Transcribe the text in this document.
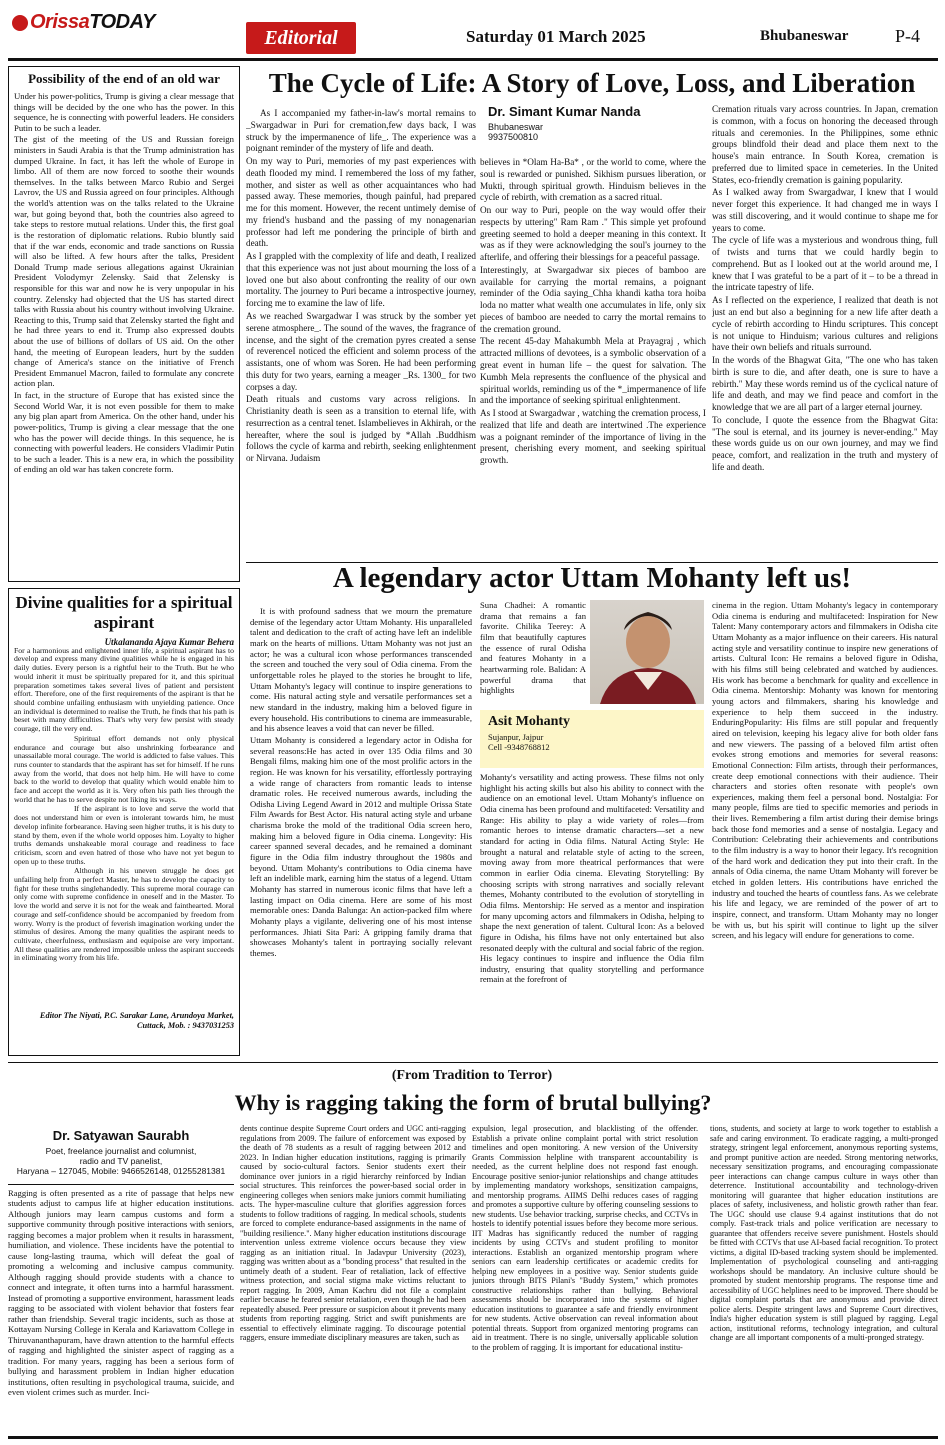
OrissaTODAY
Editorial	Saturday 01 March 2025	Bhubaneswar	P-4
Possibility of the end of an old war

Under his power-politics, Trump is giving a clear message that things will be decided by the one who has the power. In this sequence, he is connecting with powerful leaders. He considers Putin to be such a leader.

The gist of the meeting of the US and Russian foreign ministers in Saudi Arabia is that the Trump administration has dumped Ukraine. In fact, it has left the whole of Europe in limbo. All of them are now forced to soothe their wounds themselves. In the talks between Marco Rubio and Sergei Lavrov, the US and Russia agreed on four principles. Although the world's attention was on the talks related to the Ukraine war, but going beyond that, both the countries also agreed to take steps to restore mutual relations. Under this, the first goal is the restoration of diplomatic relations. Rubio bluntly said that if the war ends, economic and trade sanctions on Russia will also be lifted. A few hours after the talks, President Donald Trump made serious allegations against Ukrainian President Volodymyr Zelensky. Said that Zelensky is responsible for this war and now he is very unpopular in his country. Zelensky had objected that the US has started direct talks with Russia about his country without involving Ukraine. Reacting to this, Trump said that Zelensky started the fight and he had three years to end it. Trump also expressed doubts about the use of billions of dollars of US aid. On the other hand, the meeting of European leaders, hurt by the sudden change of America's stance on the initiative of French President Emmanuel Macron, failed to formulate any concrete action plan.

In fact, in the structure of Europe that has existed since the Second World War, it is not even possible for them to make any big plan apart from America. On the other hand, under his power-politics, Trump is giving a clear message that the one who has the power will decide things. In this sequence, he is connecting with powerful leaders. He considers Vladimir Putin to be such a leader. This is a new era, in which the possibility of ending an old war has taken concrete form.

Divine qualities for a spiritual aspirant
Utkalananda Ajaya Kumar Behera

For a harmonious and enlightened inner life, a spiritual aspirant has to develop and express many divine qualities while he is engaged in his daily duties. Every person is a rightful heir to the Truth. But he who would inherit it must be spiritually prepared for it, and this spiritual preparation sometimes takes several lives of patient and persistent effort. Therefore, one of the first requirements of the aspirant is that he should combine unfailing enthusiasm with unyielding patience. Once an individual is determined to realise the Truth, he finds that his path is beset with many difficulties. That's why very few persist with steady courage, till the very end.

Spiritual effort demands not only physical endurance and courage but also unshrinking forbearance and unassailable moral courage. The world is addicted to false values. This runs counter to standards that the aspirant has set for himself. If he runs away from the world, that does not help him. He will have to come back to the world to develop that quality which would enable him to face and accept the world as it is. Very often his path lies through the world that he has to serve despite not liking its ways.

If the aspirant is to love and serve the world that does not understand him or even is intolerant towards him, he must develop infinite forbearance. Having seen higher truths, it is his duty to stand by them, even if the whole world opposes him. Loyalty to higher truths demands unshakeable moral courage and readiness to face criticism, scorn and even hatred of those who have not yet begun to open up to these truths.

Although in his uneven struggle he does get unfailing help from a perfect Master, he has to develop the capacity to fight for these truths singlehandedly. This supreme moral courage can only come with supreme confidence in oneself and in the Master. To love the world and serve it is not for the weak and fainthearted. Moral courage and self-confidence should be accompanied by freedom from worry. Worry is the product of feverish imagination working under the stimulus of desires. Among the many qualities the aspirant needs to cultivate, cheerfulness, enthusiasm and equipoise are very important. All these qualities are rendered impossible unless the aspirant succeeds in eliminating worry from his life.

Editor The Niyati, P.C. Sarakar Lane, Arundoya Market, Cuttack, Mob. : 9437031253
The Cycle of Life: A Story of Love, Loss, and Liberation

As I accompanied my father-in-law's mortal remains to _Swargadwar in Puri for cremation,few days back, I was struck by the impermanence of life_. The experience was a poignant reminder of the mystery of life and death.

On my way to Puri, memories of my past experiences with death flooded my mind. I remembered the loss of my father, mother, and sister as well as other acquaintances who had passed away. These memories, though painful, had prepared me for this moment. However, the recent untimely demise of my friend's husband and the passing of my nonagenarian professor had left me pondering the principle of birth and death.

As I grappled with the complexity of life and death, I realized that this experience was not just about mourning the loss of a loved one but also about confronting the reality of our own mortality. The journey to Puri became a introspective journey, forcing me to examine the law of life.

As we reached Swargadwar I was struck by the somber yet serene atmosphere_. The sound of the waves, the fragrance of incense, and the sight of the cremation pyres created a sense of reverenceI noticed the efficient and solemn process of the assistants, one of whom was Soren. He had been performing this duty for two years, earning a meager _Rs. 1300_ for two corpses a day.

Death rituals and customs vary across religions. In Christianity death is seen as a transition to eternal life, with resurrection as a central tenet. Islambelieves in Akhirah, or the hereafter, where the soul is judged by *Allah .Buddhism follows the cycle of karma and rebirth, seeking enlightenment or Nirvana. Judaism

Dr. Simant Kumar Nanda
Bhubaneswar
9937500810

believes in *Olam Ha-Ba* , or the world to come, where the soul is rewarded or punished. Sikhism pursues liberation, or Mukti, through spiritual growth. Hinduism believes in the cycle of rebirth, with cremation as a sacred ritual.

On our way to Puri, people on the way would offer their respects by uttering" Ram Ram ." This simple yet profound greeting seemed to hold a deeper meaning in this context. It was as if they were acknowledging the soul's journey to the afterlife, and offering their blessings for a peaceful passage.

Interestingly, at Swargadwar six pieces of bamboo are available for carrying the mortal remains, a poignant reminder of the Odia saying_Chha khandi katha tora hoiba loda no matter what wealth one accumulates in life, only six pieces of bamboo are needed to carry the mortal remains to the cremation ground.

The recent 45-day Mahakumbh Mela at Prayagraj , which attracted millions of devotees, is a symbolic observation of a great event in human life – the quest for salvation. The Kumbh Mela represents the confluence of the physical and spiritual worlds, reminding us of the *_impermanence of life and the importance of seeking spiritual enlightenment.

As I stood at Swargadwar , watching the cremation process, I realized that life and death are intertwined .The experience was a poignant reminder of the importance of living in the present, cherishing every moment, and seeking spiritual growth.

Cremation rituals vary across countries. In Japan, cremation is common, with a focus on honoring the deceased through rituals and ceremonies. In the Philippines, some ethnic groups blindfold their dead and place them next to the house's main entrance. In South Korea, cremation is preferred due to limited space in cemeteries. In the United States, eco-friendly cremation is gaining popularity.

As I walked away from Swargadwar, I knew that I would never forget this experience. It had changed me in ways I was still discovering, and it would continue to shape me for years to come.

The cycle of life was a mysterious and wondrous thing, full of twists and turns that we could hardly begin to comprehend. But as I looked out at the world around me, I knew that I was grateful to be a part of it – to be a thread in the intricate tapestry of life.

As I reflected on the experience, I realized that death is not just an end but also a beginning for a new life after death a cycle of rebirth according to Hindu scriptures. This concept is not unique to Hinduism; various cultures and religions have their own beliefs and rituals surround.

In the words of the Bhagwat Gita, "The one who has taken birth is sure to die, and after death, one is sure to have a rebirth." May these words remind us of the cyclical nature of life and death, and may we find peace and comfort in the knowledge that we are all part of a larger eternal journey.

To conclude, I quote the essence from the Bhagwat Gita: "The soul is eternal, and its journey is never-ending." May these words guide us on our own journey, and may we find peace, comfort, and realization in the truth and mystery of life and death.

A legendary actor Uttam Mohanty left us!

It is with profound sadness that we mourn the premature demise of the legendary actor Uttam Mohanty. His unparalleled talent and dedication to the craft of acting have left an indelible mark on the hearts of millions. Uttam Mohanty was not just an actor; he was a cultural icon whose performances transcended the screen and touched the very soul of Odia cinema. From the unforgettable roles he played to the stories he brought to life, Uttam Mohanty's legacy will continue to inspire generations to come. His natural acting style and versatile performances set a new standard in the industry, making him a beloved figure in every household. His contributions to cinema are immeasurable, and his absence leaves a void that can never be filled.

Uttam Mohanty is considered a legendary actor in Odisha for several reasons:He has acted in over 135 Odia films and 30 Bengali films, making him one of the most prolific actors in the region. He was known for his versatility, effortlessly portraying a wide range of characters from romantic leads to intense dramatic roles. He received numerous awards, including the Odisha Living Legend Award in 2012 and multiple Orissa State Film Awards for Best Actor. His natural acting style and urbane charisma broke the mold of the traditional Odia screen hero, making him a beloved figure in Odia cinema. Longevity: His career spanned several decades, and he remained a dominant figure in the Odia film industry throughout the 1980s and beyond. Uttam Mohanty's contributions to Odia cinema have left an indelible mark, earning him the status of a legend. Uttam Mohanty has starred in numerous iconic films that have left a lasting impact on Odia cinema. Here are some of his most memorable ones: Danda Balunga: An action-packed film where Mohanty plays a vigilante, delivering one of his most intense performances. Jhiati Sita Pari: A gripping family drama that showcases Mohanty's talent in portraying socially relevant themes.

Suna Chadhei: A romantic drama that remains a fan favorite. Chilika Teerey: A film that beautifully captures the essence of rural Odisha and features Mohanty in a heartwarming role. Balidan: A powerful drama that highlights
Asit Mohanty
Sujanpur, Jajpur
Cell -9348768812
Mohanty's versatility and acting prowess. These films not only highlight his acting skills but also his ability to connect with the audience on an emotional level. Uttam Mohanty's influence on Odia cinema has been profound and multifaceted: Versatility and Range: His ability to play a wide variety of roles—from romantic heroes to intense dramatic characters—set a new standard for acting in Odia films. Natural Acting Style: He brought a natural and relatable style of acting to the screen, moving away from more theatrical performances that were common in earlier Odia cinema. Elevating Storytelling: By choosing scripts with strong narratives and socially relevant themes, Mohanty contributed to the evolution of storytelling in Odia films. Mentorship: He served as a mentor and inspiration for many upcoming actors and filmmakers in Odisha, helping to shape the next generation of talent. Cultural Icon: As a beloved figure in Odisha, his films have not only entertained but also resonated deeply with the cultural and social fabric of the region. His legacy continues to inspire and influence the Odia film industry, ensuring that quality storytelling and performance remain at the forefront of
cinema in the region. Uttam Mohanty's legacy in contemporary Odia cinema is enduring and multifaceted: Inspiration for New Talent: Many contemporary actors and filmmakers in Odisha cite Uttam Mohanty as a major influence on their careers. His natural acting style and versatility continue to inspire new generations of artists. Cultural Icon: He remains a beloved figure in Odisha, with his films still being celebrated and watched by audiences. His work has become a benchmark for quality and excellence in Odia cinema. Mentorship: Mohanty was known for mentoring young actors and filmmakers, sharing his knowledge and experience to help them succeed in the industry. EnduringPopularity: His films are still popular and frequently aired on television, keeping his legacy alive for both older fans and new viewers. The passing of a beloved film artist often evokes strong emotions and memories for several reasons: Emotional Connection: Film artists, through their performances, create deep emotional connections with their audience. Their characters and stories often resonate with people's own experiences, making them feel a personal bond. Nostalgia: For many people, films are tied to specific memories and periods in their lives. Remembering a film artist during their demise brings back those fond memories and a sense of nostalgia. Legacy and Contribution: Celebrating their achievements and contributions to the film industry is a way to honor their legacy. It's recognition of the hard work and dedication they put into their craft. In the annals of Odia cinema, the name Uttam Mohanty will forever be etched in golden letters. His contributions have enriched the industry and touched the hearts of countless fans. As we celebrate his life and legacy, we are reminded of the power of art to inspire, connect, and transform. Uttam Mohanty may no longer be with us, but his spirit will continue to light up the silver screen, and his legacy will endure for generations to come.
(From Tradition to Terror)
Why is ragging taking the form of brutal bullying?
Dr. Satyawan Saurabh
Poet, freelance journalist and columnist,
radio and TV panelist,
Haryana – 127045, Mobile: 9466526148, 01255281381
Ragging is often presented as a rite of passage that helps new students adjust to campus life at higher education institutions. Although juniors may learn campus customs and form a supportive community through positive interactions with seniors, ragging becomes a major problem when it results in harassment, humiliation, and violence. These incidents have the potential to cause long-lasting trauma, which will defeat the goal of promoting a welcoming and inclusive campus community. Although ragging should provide students with a chance to connect and integrate, it often turns into a harmful harassment. Instead of promoting a supportive environment, harassment leads ragging to be associated with violent behavior that fosters fear rather than friendship. Several tragic incidents, such as those at Kottayam Nursing College in Kerala and Kariavattom College in Thiruvananthapuram, have drawn attention to the harmful effects of ragging and highlighted the sinister aspect of ragging as a tradition. For many years, ragging has been a serious form of bullying and harassment problem in Indian higher education institutions, often resulting in psychological trauma, suicide, and even violent crimes such as murder. Inci-
dents continue despite Supreme Court orders and UGC anti-ragging regulations from 2009. The failure of enforcement was exposed by the death of 78 students as a result of ragging between 2012 and 2023. In Indian higher education institutions, ragging is primarily caused by socio-cultural factors. Senior students exert their dominance over juniors in a rigid hierarchy reinforced by Indian social structures. This reinforces the power-based social order in engineering colleges when seniors make juniors commit humiliating acts. The hyper-masculine culture that glorifies aggression forces students to follow traditions of ragging. In medical schools, students are forced to complete endurance-based assignments in the name of "building resilience.". Many higher education institutions discourage intervention unless extreme violence occurs because they view ragging as an initiation ritual. In Jadavpur University (2023), ragging was written about as a "bonding process" that resulted in the untimely death of a student. Fear of retaliation, lack of effective witness protection, and social stigma make victims reluctant to report ragging. In 2009, Aman Kachru did not file a complaint earlier because he feared senior retaliation, even though he had been repeatedly abused. Peer pressure or suspicion about it prevents many students from reporting ragging. Strict and swift punishments are essential to effectively eliminate ragging. To discourage potential raggers, ensure immediate disciplinary measures are taken, such as
expulsion, legal prosecution, and blacklisting of the offender. Establish a private online complaint portal with strict resolution timelines and open monitoring. A new version of the University Grants Commission helpline with transparent accountability is needed, as the current helpline does not respond fast enough. Encourage positive senior-junior relationships and change attitudes by implementing mandatory workshops, sensitization campaigns, and mentorship programs. AIIMS Delhi reduces cases of ragging and promotes a supportive culture by offering counseling sessions to new students. Use behavior tracking, surprise checks, and CCTVs in hostels to identify potential issues before they become more serious. IIT Madras has significantly reduced the number of ragging incidents by using CCTVs and student profiling to monitor interactions. Establish an organized mentorship program where seniors can earn leadership certificates or academic credits for helping new employees in a positive way. Senior students guide juniors through BITS Pilani's "Buddy System," which promotes constructive relationships rather than bullying. Behavioral assessments should be incorporated into the systems of higher education institutions to guarantee a safe and friendly environment for new students. Active observation can reveal information about potential threats. Support from organized mentoring programs can aid in treatment. There is no single, universally applicable solution to the problem of ragging. It is important for educational institu-
tions, students, and society at large to work together to establish a safe and caring environment. To eradicate ragging, a multi-pronged strategy, stringent legal enforcement, anonymous reporting systems, and prompt punitive action are needed. Strong mentoring networks, necessary sensitization programs, and encouraging compassionate peer interactions can change campus culture in ways other than deterrence. Institutional accountability and technology-driven monitoring will guarantee that higher education institutions are places of safety, inclusiveness, and holistic growth rather than fear. The UGC should use clause 9.4 against institutions that do not comply. Fast-track trials and police verification are necessary to guarantee that offenders receive severe punishment. Hostels should be fitted with CCTVs that use AI-based facial recognition. To protect victims, a digital ID-based tracking system should be implemented. Implementation of psychological counseling and anti-ragging workshops should be mandatory. An inclusive culture should be promoted by student mentorship programs. The response time and accessibility of UGC helplines need to be improved. There should be digital complaint portals that are anonymous and provide direct police alerts. Despite stringent laws and Supreme Court directives, India's higher education system is still plagued by ragging. Legal action, institutional reforms, technology integration, and cultural change are all important components of a multi-pronged strategy.
